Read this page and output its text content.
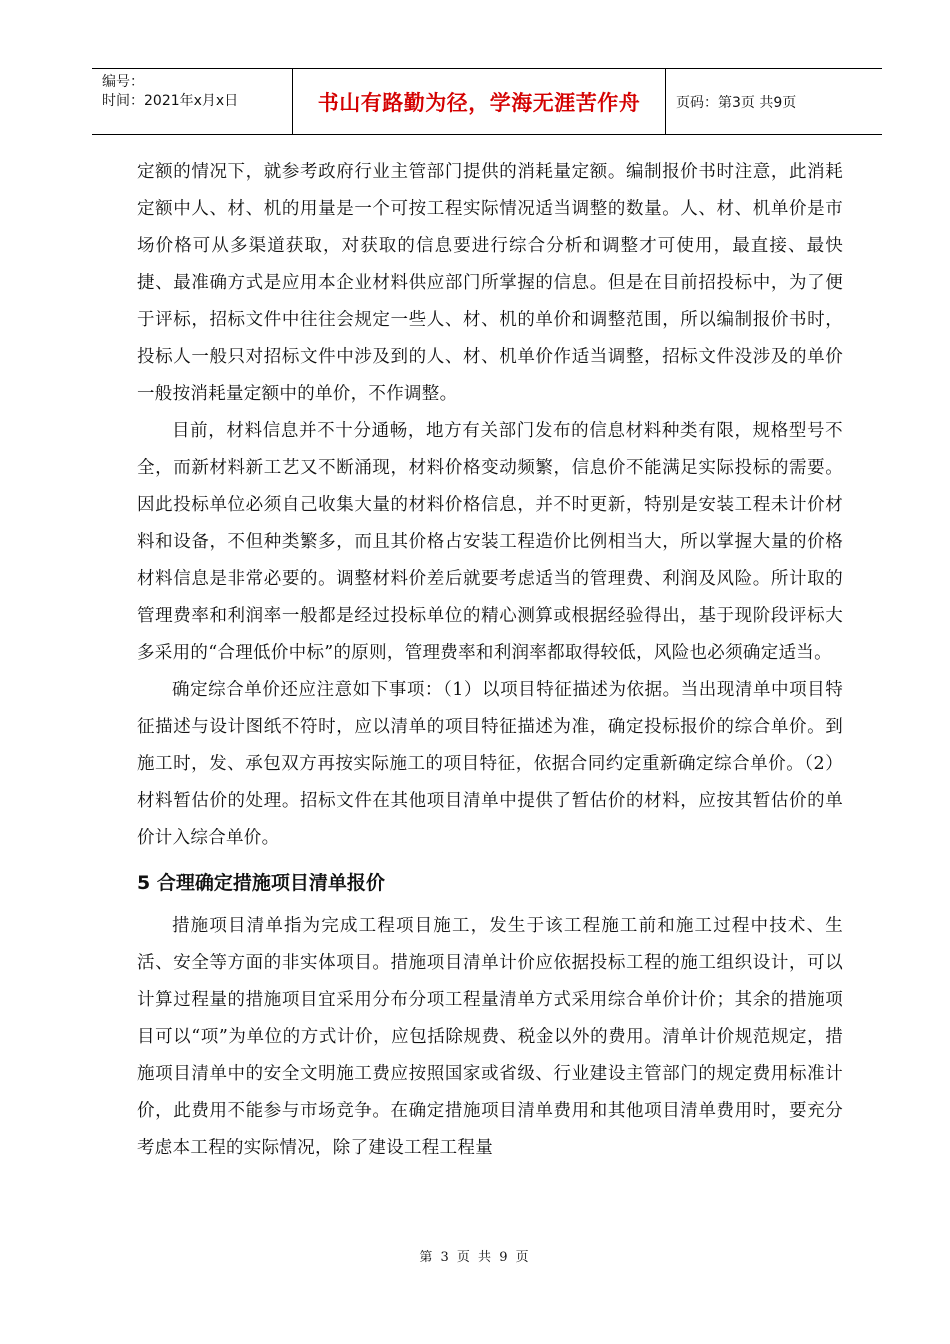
编号：
时间：2021年x月x日	书山有路勤为径，学海无涯苦作舟	页码：第3页 共9页

定额的情况下，就参考政府行业主管部门提供的消耗量定额。编制报价书时注意，此消耗定额中人、材、机的用量是一个可按工程实际情况适当调整的数量。人、材、机单价是市场价格可从多渠道获取，对获取的信息要进行综合分析和调整才可使用，最直接、最快捷、最准确方式是应用本企业材料供应部门所掌握的信息。但是在目前招投标中，为了便于评标，招标文件中往往会规定一些人、材、机的单价和调整范围，所以编制报价书时，投标人一般只对招标文件中涉及到的人、材、机单价作适当调整，招标文件没涉及的单价一般按消耗量定额中的单价，不作调整。

目前，材料信息并不十分通畅，地方有关部门发布的信息材料种类有限，规格型号不全，而新材料新工艺又不断涌现，材料价格变动频繁，信息价不能满足实际投标的需要。因此投标单位必须自己收集大量的材料价格信息，并不时更新，特别是安装工程未计价材料和设备，不但种类繁多，而且其价格占安装工程造价比例相当大，所以掌握大量的价格材料信息是非常必要的。调整材料价差后就要考虑适当的管理费、利润及风险。所计取的管理费率和利润率一般都是经过投标单位的精心测算或根据经验得出，基于现阶段评标大多采用的“合理低价中标”的原则，管理费率和利润率都取得较低，风险也必须确定适当。

确定综合单价还应注意如下事项：（1）以项目特征描述为依据。当出现清单中项目特征描述与设计图纸不符时，应以清单的项目特征描述为准，确定投标报价的综合单价。到施工时，发、承包双方再按实际施工的项目特征，依据合同约定重新确定综合单价。（2）材料暂估价的处理。招标文件在其他项目清单中提供了暂估价的材料，应按其暂估价的单价计入综合单价。

5 合理确定措施项目清单报价

措施项目清单指为完成工程项目施工，发生于该工程施工前和施工过程中技术、生活、安全等方面的非实体项目。措施项目清单计价应依据投标工程的施工组织设计，可以计算过程量的措施项目宜采用分布分项工程量清单方式采用综合单价计价；其余的措施项目可以“项”为单位的方式计价，应包括除规费、税金以外的费用。清单计价规范规定，措施项目清单中的安全文明施工费应按照国家或省级、行业建设主管部门的规定费用标准计价，此费用不能参与市场竞争。在确定措施项目清单费用和其他项目清单费用时，要充分考虑本工程的实际情况，除了建设工程工程量

第 3 页 共 9 页
